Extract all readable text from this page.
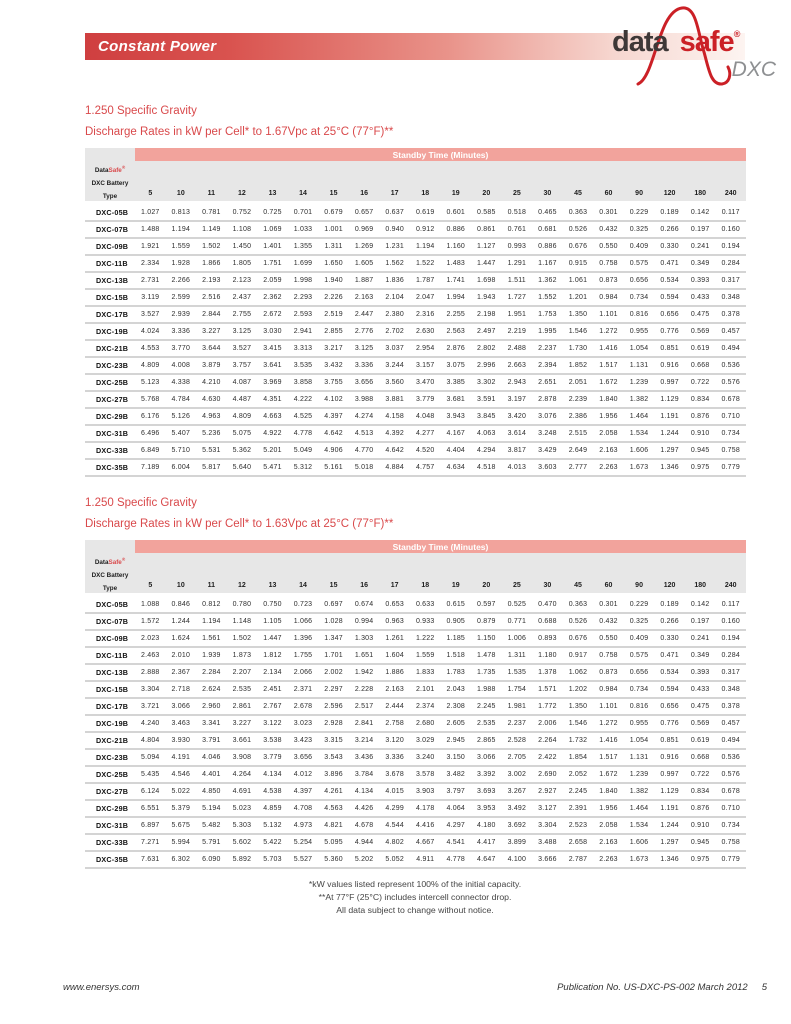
Constant Power	data safe®
DXC
1.250 Specific Gravity
Discharge Rates in kW per Cell* to 1.67Vpc at 25°C (77°F)**
Standby Time (Minutes)
DataSafe®
DXC Battery
Type	5	10	11	12	13	14	15	16	17	18	19	20	25	30	45	60	90	120	180	240
DXC-05B	1.027	0.813	0.781	0.752	0.725	0.701	0.679	0.657	0.637	0.619	0.601	0.585	0.518	0.465	0.363	0.301	0.229	0.189	0.142	0.117
DXC-07B	1.488	1.194	1.149	1.108	1.069	1.033	1.001	0.969	0.940	0.912	0.886	0.861	0.761	0.681	0.526	0.432	0.325	0.266	0.197	0.160
DXC-09B	1.921	1.559	1.502	1.450	1.401	1.355	1.311	1.269	1.231	1.194	1.160	1.127	0.993	0.886	0.676	0.550	0.409	0.330	0.241	0.194
DXC-11B	2.334	1.928	1.866	1.805	1.751	1.699	1.650	1.605	1.562	1.522	1.483	1.447	1.291	1.167	0.915	0.758	0.575	0.471	0.349	0.284
DXC-13B	2.731	2.266	2.193	2.123	2.059	1.998	1.940	1.887	1.836	1.787	1.741	1.698	1.511	1.362	1.061	0.873	0.656	0.534	0.393	0.317
DXC-15B	3.119	2.599	2.516	2.437	2.362	2.293	2.226	2.163	2.104	2.047	1.994	1.943	1.727	1.552	1.201	0.984	0.734	0.594	0.433	0.348
DXC-17B	3.527	2.939	2.844	2.755	2.672	2.593	2.519	2.447	2.380	2.316	2.255	2.198	1.951	1.753	1.350	1.101	0.816	0.656	0.475	0.378
DXC-19B	4.024	3.336	3.227	3.125	3.030	2.941	2.855	2.776	2.702	2.630	2.563	2.497	2.219	1.995	1.546	1.272	0.955	0.776	0.569	0.457
DXC-21B	4.553	3.770	3.644	3.527	3.415	3.313	3.217	3.125	3.037	2.954	2.876	2.802	2.488	2.237	1.730	1.416	1.054	0.851	0.619	0.494
DXC-23B	4.809	4.008	3.879	3.757	3.641	3.535	3.432	3.336	3.244	3.157	3.075	2.996	2.663	2.394	1.852	1.517	1.131	0.916	0.668	0.536
DXC-25B	5.123	4.338	4.210	4.087	3.969	3.858	3.755	3.656	3.560	3.470	3.385	3.302	2.943	2.651	2.051	1.672	1.239	0.997	0.722	0.576
DXC-27B	5.768	4.784	4.630	4.487	4.351	4.222	4.102	3.988	3.881	3.779	3.681	3.591	3.197	2.878	2.239	1.840	1.382	1.129	0.834	0.678
DXC-29B	6.176	5.126	4.963	4.809	4.663	4.525	4.397	4.274	4.158	4.048	3.943	3.845	3.420	3.076	2.386	1.956	1.464	1.191	0.876	0.710
DXC-31B	6.496	5.407	5.236	5.075	4.922	4.778	4.642	4.513	4.392	4.277	4.167	4.063	3.614	3.248	2.515	2.058	1.534	1.244	0.910	0.734
DXC-33B	6.849	5.710	5.531	5.362	5.201	5.049	4.906	4.770	4.642	4.520	4.404	4.294	3.817	3.429	2.649	2.163	1.606	1.297	0.945	0.758
DXC-35B	7.189	6.004	5.817	5.640	5.471	5.312	5.161	5.018	4.884	4.757	4.634	4.518	4.013	3.603	2.777	2.263	1.673	1.346	0.975	0.779
1.250 Specific Gravity
Discharge Rates in kW per Cell* to 1.63Vpc at 25°C (77°F)**
Standby Time (Minutes)
DataSafe®
DXC Battery
Type	5	10	11	12	13	14	15	16	17	18	19	20	25	30	45	60	90	120	180	240
DXC-05B	1.088	0.846	0.812	0.780	0.750	0.723	0.697	0.674	0.653	0.633	0.615	0.597	0.525	0.470	0.363	0.301	0.229	0.189	0.142	0.117
DXC-07B	1.572	1.244	1.194	1.148	1.105	1.066	1.028	0.994	0.963	0.933	0.905	0.879	0.771	0.688	0.526	0.432	0.325	0.266	0.197	0.160
DXC-09B	2.023	1.624	1.561	1.502	1.447	1.396	1.347	1.303	1.261	1.222	1.185	1.150	1.006	0.893	0.676	0.550	0.409	0.330	0.241	0.194
DXC-11B	2.463	2.010	1.939	1.873	1.812	1.755	1.701	1.651	1.604	1.559	1.518	1.478	1.311	1.180	0.917	0.758	0.575	0.471	0.349	0.284
DXC-13B	2.888	2.367	2.284	2.207	2.134	2.066	2.002	1.942	1.886	1.833	1.783	1.735	1.535	1.378	1.062	0.873	0.656	0.534	0.393	0.317
DXC-15B	3.304	2.718	2.624	2.535	2.451	2.371	2.297	2.228	2.163	2.101	2.043	1.988	1.754	1.571	1.202	0.984	0.734	0.594	0.433	0.348
DXC-17B	3.721	3.066	2.960	2.861	2.767	2.678	2.596	2.517	2.444	2.374	2.308	2.245	1.981	1.772	1.350	1.101	0.816	0.656	0.475	0.378
DXC-19B	4.240	3.463	3.341	3.227	3.122	3.023	2.928	2.841	2.758	2.680	2.605	2.535	2.237	2.006	1.546	1.272	0.955	0.776	0.569	0.457
DXC-21B	4.804	3.930	3.791	3.661	3.538	3.423	3.315	3.214	3.120	3.029	2.945	2.865	2.528	2.264	1.732	1.416	1.054	0.851	0.619	0.494
DXC-23B	5.094	4.191	4.046	3.908	3.779	3.656	3.543	3.436	3.336	3.240	3.150	3.066	2.705	2.422	1.854	1.517	1.131	0.916	0.668	0.536
DXC-25B	5.435	4.546	4.401	4.264	4.134	4.012	3.896	3.784	3.678	3.578	3.482	3.392	3.002	2.690	2.052	1.672	1.239	0.997	0.722	0.576
DXC-27B	6.124	5.022	4.850	4.691	4.538	4.397	4.261	4.134	4.015	3.903	3.797	3.693	3.267	2.927	2.245	1.840	1.382	1.129	0.834	0.678
DXC-29B	6.551	5.379	5.194	5.023	4.859	4.708	4.563	4.426	4.299	4.178	4.064	3.953	3.492	3.127	2.391	1.956	1.464	1.191	0.876	0.710
DXC-31B	6.897	5.675	5.482	5.303	5.132	4.973	4.821	4.678	4.544	4.416	4.297	4.180	3.692	3.304	2.523	2.058	1.534	1.244	0.910	0.734
DXC-33B	7.271	5.994	5.791	5.602	5.422	5.254	5.095	4.944	4.802	4.667	4.541	4.417	3.899	3.488	2.658	2.163	1.606	1.297	0.945	0.758
DXC-35B	7.631	6.302	6.090	5.892	5.703	5.527	5.360	5.202	5.052	4.911	4.778	4.647	4.100	3.666	2.787	2.263	1.673	1.346	0.975	0.779
*kW values listed represent 100% of the initial capacity.
**At 77°F (25°C) includes intercell connector drop.
All data subject to change without notice.
www.enersys.com	Publication No. US-DXC-PS-002 March 2012 5
